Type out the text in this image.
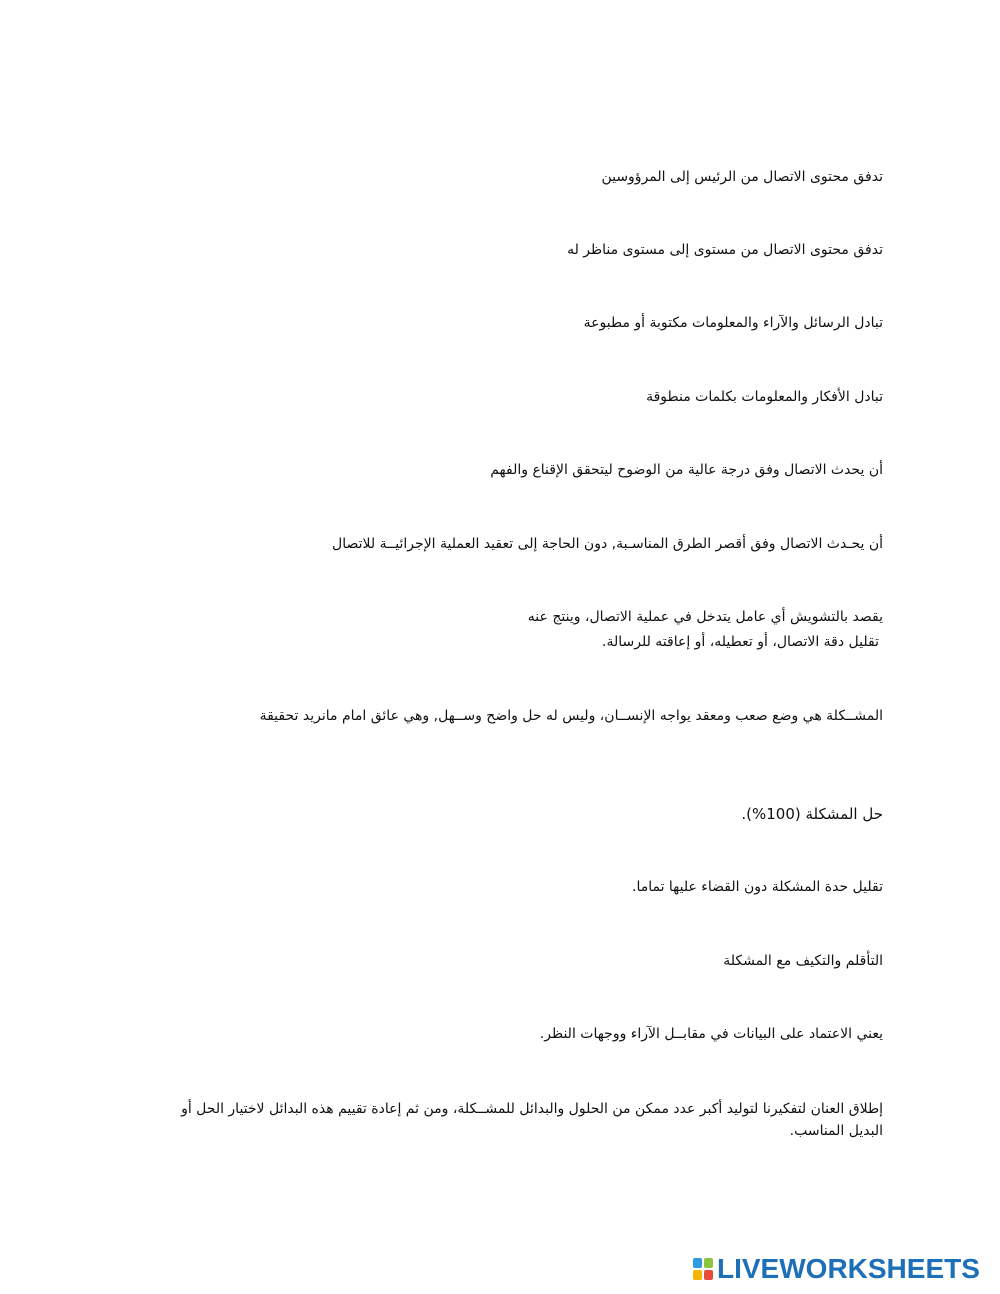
تدفق محتوى الاتصال من الرئيس إلى المرؤوسين
تدفق محتوى الاتصال من مستوى إلى مستوى مناظر له
تبادل الرسائل والآراء والمعلومات مكتوبة أو مطبوعة
تبادل الأفكار والمعلومات بكلمات منطوقة
أن يحدث الاتصال وفق درجة عالية من الوضوح ليتحقق الإقناع والفهم
أن يحـدث الاتصال وفق أقصر الطرق المناسـبة, دون الحاجة إلى تعقيد العملية الإجرائيــة للاتصال
يقصد بالتشويش أي عامل يتدخل في عملية الاتصال، وينتج عنه
تقليل دقة الاتصال، أو تعطيله، أو إعاقته للرسالة.
المشــكلة هي وضع صعب ومعقد يواجه الإنســان، وليس له حل واضح وســهل, وهي عائق امام مانريد تحقيقة
حل المشكلة (100%).
تقليل حدة المشكلة دون القضاء عليها تماما.
التأقلم والتكيف مع المشكلة
يعني الاعتماد على البيانات في مقابــل الآراء ووجهات النظر.
إطلاق العنان لتفكيرنا لتوليد أكبر عدد ممكن من الحلول والبدائل للمشــكلة، ومن ثم إعادة تقييم هذه البدائل لاختيار الحل أو البديل المناسب.
LIVEWORKSHEETS
